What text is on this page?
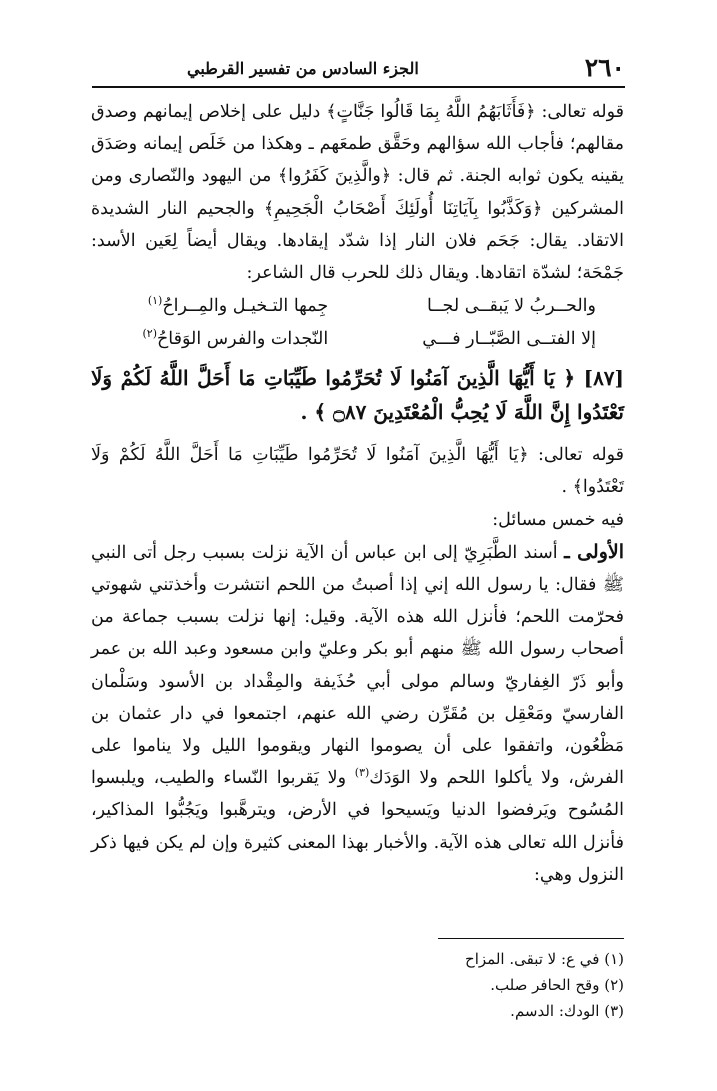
٢٦٠
الجزء السادس من تفسير القرطبي

قوله تعالى: ﴿فَأَثَابَهُمُ اللَّهُ بِمَا قَالُوا جَنَّاتٍ﴾ دليل على إخلاص إيمانهم وصدق مقالهم؛ فأجاب الله سؤالهم وحَقَّق طمعَهم ـ وهكذا من خَلَص إيمانه وصَدَق يقينه يكون ثوابه الجنة. ثم قال: ﴿والَّذِينَ كَفَرُوا﴾ من اليهود والنّصارى ومن المشركين ﴿وَكَذَّبُوا بِآيَاتِنَا أُولَئِكَ أَصْحَابُ الْجَحِيمِ﴾ والجحيم النار الشديدة الاتقاد. يقال: جَحَم فلان النار إذا شدّد إيقادها. ويقال أيضاً لِعَين الأسد: جَمْحَة؛ لشدّة اتقادها. ويقال ذلك للحرب قال الشاعر:

والحــربُ لا يَبقــى لجــا
جِمها التـخيـل والمِــراحُ$^{(١)}$
إلا الفتــى الصَّبّــار فـــي
النّجدات والفرس الوَقاحُ$^{(٢)}$

[٨٧] ﴿ يَا أَيُّهَا الَّذِينَ آمَنُوا لَا تُحَرِّمُوا طَيِّبَاتِ مَا أَحَلَّ اللَّهُ لَكُمْ وَلَا تَعْتَدُوا إِنَّ اللَّهَ لَا يُحِبُّ الْمُعْتَدِينَ ۝٨٧ ﴾ .

قوله تعالى: ﴿يَا أَيُّهَا الَّذِينَ آمَنُوا لَا تُحَرِّمُوا طَيِّبَاتِ مَا أَحَلَّ اللَّهُ لَكُمْ وَلَا تَعْتَدُوا﴾ .

فيه خمس مسائل:

الأولى ـ أسند الطَّبَرِيّ إلى ابن عباس أن الآية نزلت بسبب رجل أتى النبي ﷺ فقال: يا رسول الله إني إذا أصبتُ من اللحم انتشرت وأخذتني شهوتي فحرّمت اللحم؛ فأنزل الله هذه الآية. وقيل: إنها نزلت بسبب جماعة من أصحاب رسول الله ﷺ منهم أبو بكر وعليّ وابن مسعود وعبد الله بن عمر وأبو ذَرّ الغِفاريّ وسالم مولى أبي حُذَيفة والمِقْداد بن الأسود وسَلْمان الفارسيّ ومَعْقِل بن مُقَرِّن رضي الله عنهم، اجتمعوا في دار عثمان بن مَظْعُون، واتفقوا على أن يصوموا النهار ويقوموا الليل ولا يناموا على الفرش، ولا يأكلوا اللحم ولا الوَدَك$^{(٣)}$ ولا يَقربوا النّساء والطيب، ويلبسوا المُسُوح ويَرفضوا الدنيا ويَسيحوا في الأرض، ويترهَّبوا ويَجُبُّوا المذاكير، فأنزل الله تعالى هذه الآية. والأخبار بهذا المعنى كثيرة وإن لم يكن فيها ذكر النزول وهي:

(١) في ع: لا تبقى. المزاح
(٢) وقح الحافر صلب.
(٣) الودك: الدسم.
